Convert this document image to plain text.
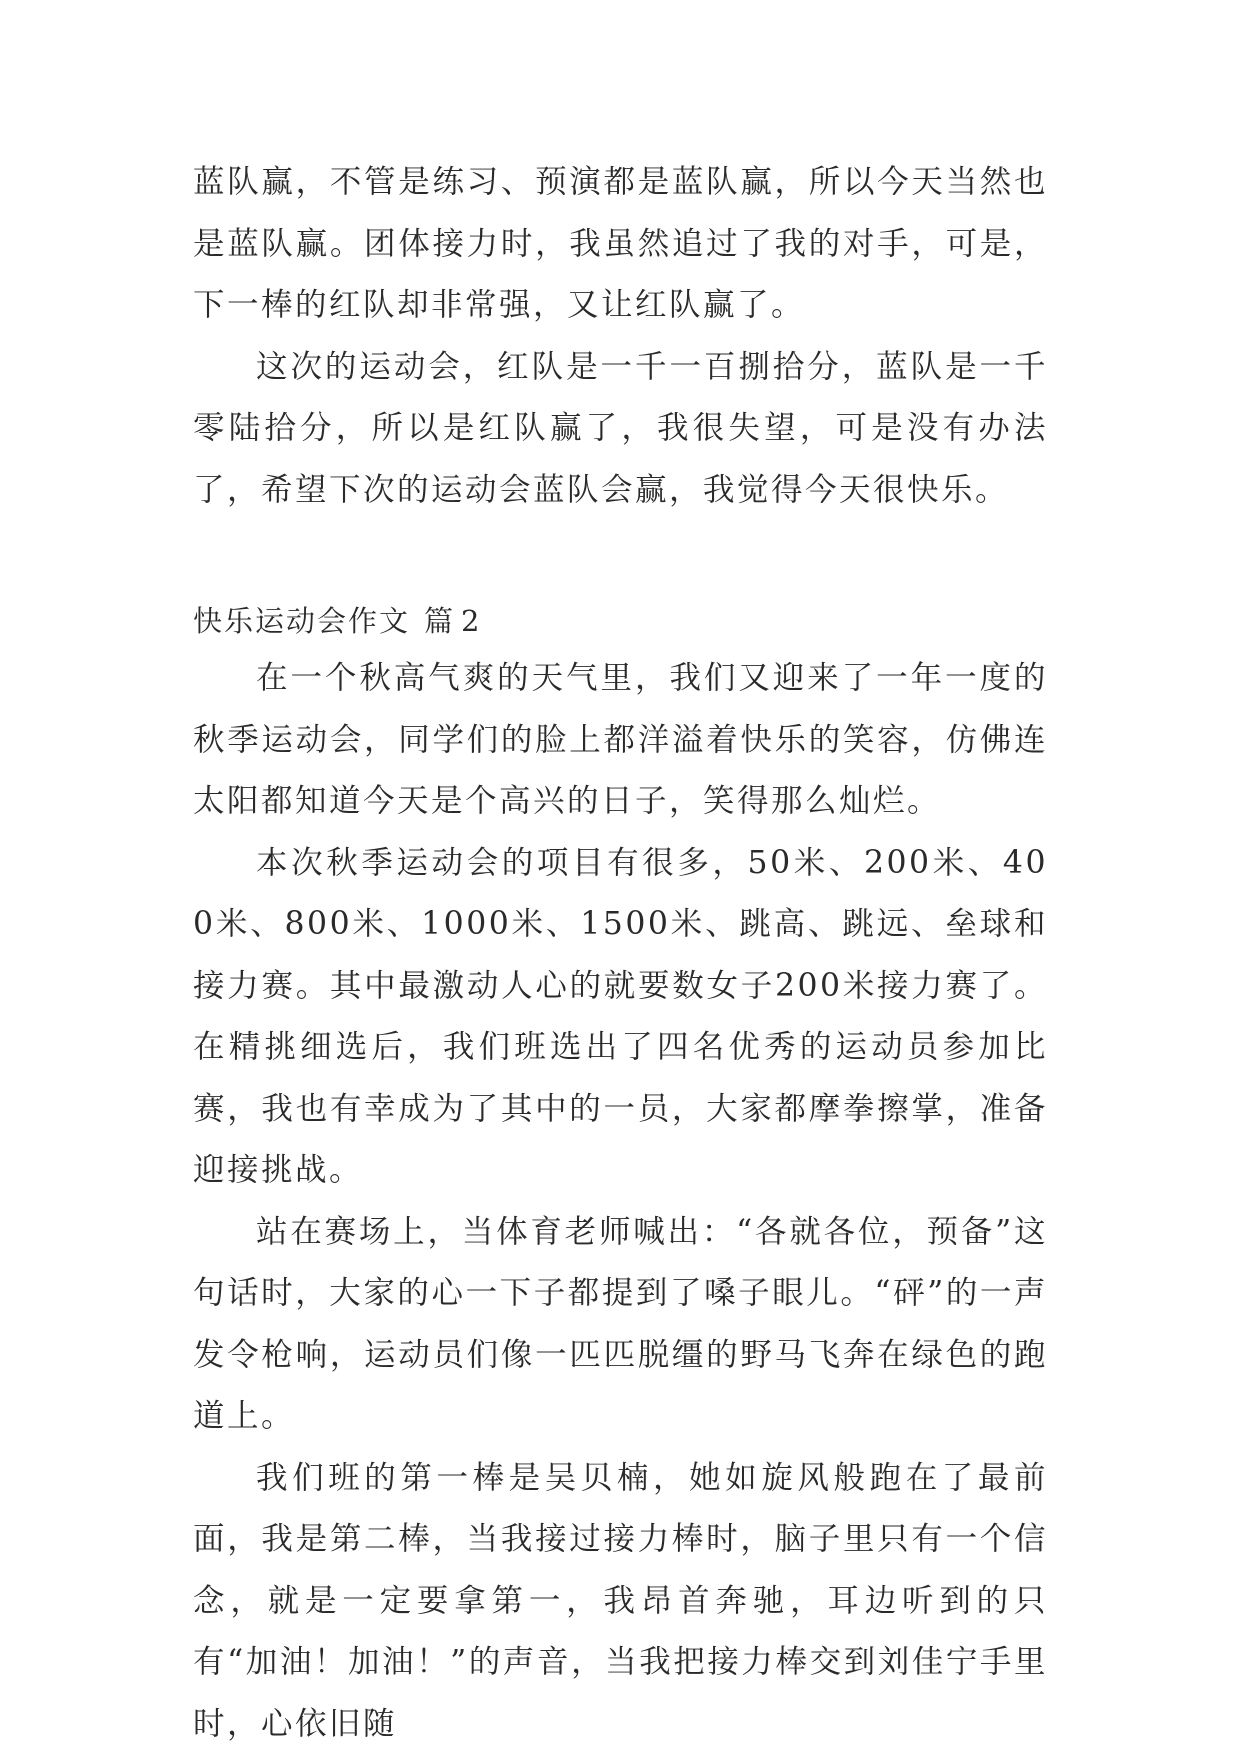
蓝队赢，不管是练习、预演都是蓝队赢，所以今天当然也是蓝队赢。团体接力时，我虽然追过了我的对手，可是，下一棒的红队却非常强，又让红队赢了。

这次的运动会，红队是一千一百捌拾分，蓝队是一千零陆拾分，所以是红队赢了，我很失望，可是没有办法了，希望下次的运动会蓝队会赢，我觉得今天很快乐。

快乐运动会作文 篇 2

在一个秋高气爽的天气里，我们又迎来了一年一度的秋季运动会，同学们的脸上都洋溢着快乐的笑容，仿佛连太阳都知道今天是个高兴的日子，笑得那么灿烂。

本次秋季运动会的项目有很多，50米、200米、400米、800米、1000米、1500米、跳高、跳远、垒球和接力赛。其中最激动人心的就要数女子200米接力赛了。在精挑细选后，我们班选出了四名优秀的运动员参加比赛，我也有幸成为了其中的一员，大家都摩拳擦掌，准备迎接挑战。

站在赛场上，当体育老师喊出：“各就各位，预备”这句话时，大家的心一下子都提到了嗓子眼儿。“砰”的一声发令枪响，运动员们像一匹匹脱缰的野马飞奔在绿色的跑道上。

我们班的第一棒是吴贝楠，她如旋风般跑在了最前面，我是第二棒，当我接过接力棒时，脑子里只有一个信念，就是一定要拿第一，我昂首奔驰，耳边听到的只有“加油！加油！”的声音，当我把接力棒交到刘佳宁手里时，心依旧随
